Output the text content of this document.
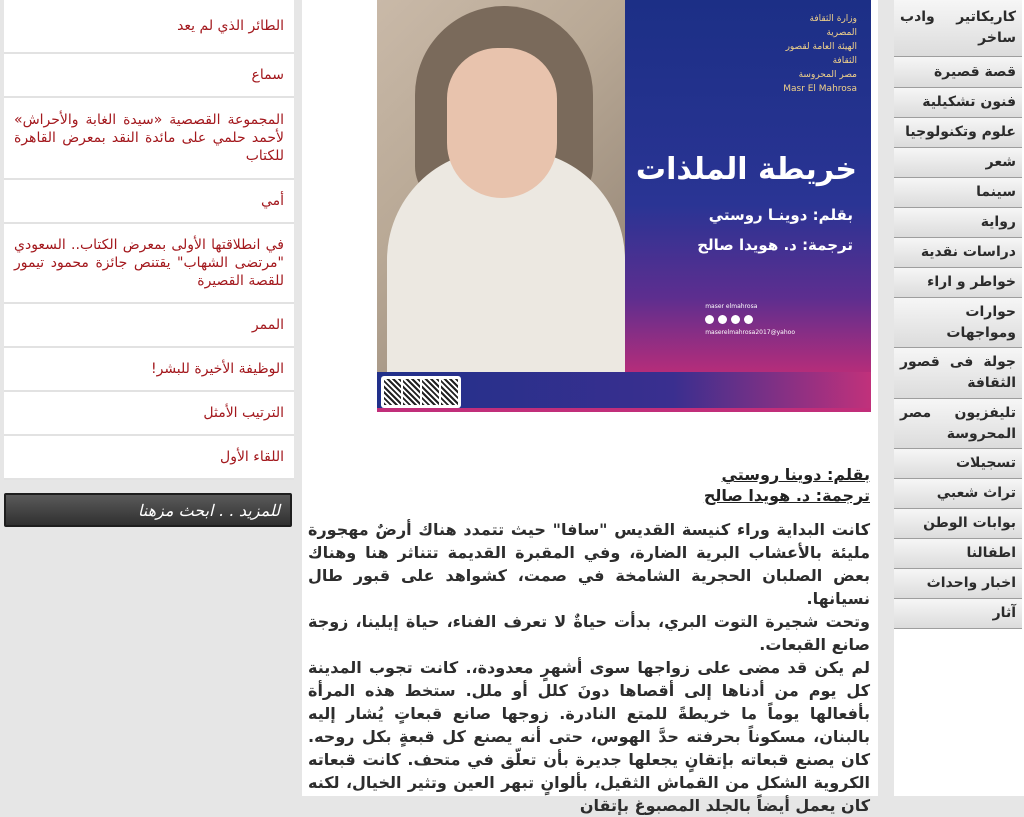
الطائر الذي لم يعد
سماع
المجموعة القصصية «سيدة الغابة والأحراش» لأحمد حلمي على مائدة النقد بمعرض القاهرة للكتاب
أمي
في انطلاقتها الأولى بمعرض الكتاب.. السعودي "مرتضى الشهاب" يقتنص جائزة محمود تيمور للقصة القصيرة
الممر
الوظيفة الأخيرة للبشر!
الترتيب الأمثل
اللقاء الأول
للمزيد . . ابحث مزهنا
وزارة الثقافة المصرية
الهيئة العامة لقصور الثقافة
مصر المحروسة
Masr El Mahrosa
خريطة الملذات
بقلم: دوينـا روستي
ترجمة: د. هويدا صالح
maser elmahrosa

maserelmahrosa2017@yahoo
بقلم: دوينا روستي
ترجمة: د. هويدا صالح

كانت البداية وراء كنيسة القديس "سافا" حيث تتمدد هناك أرضٌ مهجورة مليئة بالأعشاب البرية الضارة، وفي المقبرة القديمة تتناثر هنا وهناك بعض الصلبان الحجرية الشامخة في صمت، كشواهد على قبور طال نسيانها.

وتحت شجيرة التوت البري، بدأت حياةٌ لا تعرف الفناء، حياة إيلينا، زوجة صانع القبعات.

لم يكن قد مضى على زواجها سوى أشهرٍ معدودة،. كانت تجوب المدينة كل يوم من أدناها إلى أقصاها دونَ كلل أو ملل. ستخط هذه المرأة بأفعالها يوماً ما خريطةً للمتع النادرة. زوجها صانع قبعاتٍ يُشار إليه بالبنان، مسكوناً بحرفته حدَّ الهوس، حتى أنه يصنع كل قبعةٍ بكل روحه. كان يصنع قبعاته بإتقانٍ يجعلها جديرة بأن تعلّق في متحف. كانت قبعاته الكروية الشكل من القماش الثقيل، بألوانٍ تبهر العين وتثير الخيال، لكنه كان يعمل أيضاً بالجلد المصبوغ بإتقان

كاريكاتير وادب ساخر
قصة قصيرة
فنون تشكيلية
علوم وتكنولوجيا
شعر
سينما
رواية
دراسات نقدية
خواطر و اراء
حوارات ومواجهات
جولة فى قصور الثقافة
تليفزيون مصر المحروسة
تسجيلات
تراث شعبي
بوابات الوطن
اطفالنا
اخبار واحداث
آثار
